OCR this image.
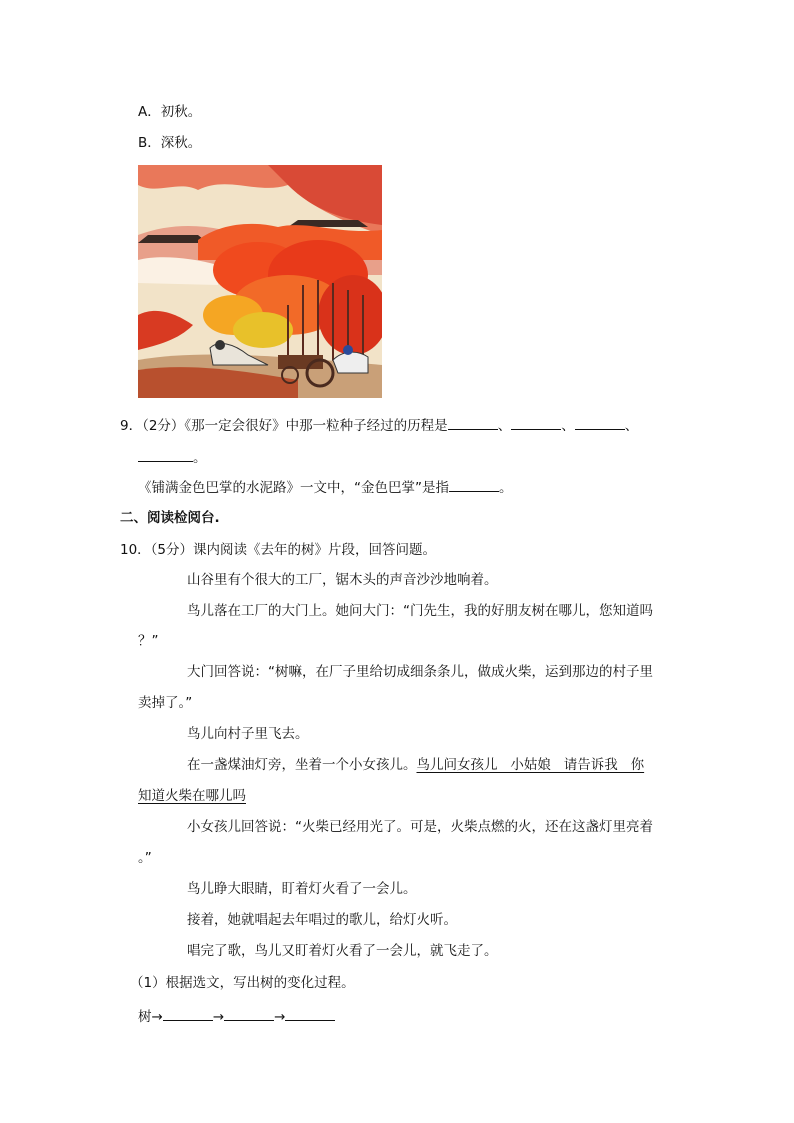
A．初秋。
B．深秋。
9．（2分）《那一定会很好》中那一粒种子经过的历程是	、	、	、
。
《铺满金色巴掌的水泥路》一文中，“金色巴掌”是指	。
二、阅读检阅台.
10．（5分）课内阅读《去年的树》片段，回答问题。
山谷里有个很大的工厂，锯木头的声音沙沙地响着。
鸟儿落在工厂的大门上。她问大门：“门先生，我的好朋友树在哪儿，您知道吗
？”
大门回答说：“树嘛，在厂子里给切成细条条儿，做成火柴，运到那边的村子里
卖掉了。”
鸟儿向村子里飞去。
在一盏煤油灯旁，坐着一个小女孩儿。鸟儿问女孩儿   小姑娘   请告诉我   你
知道火柴在哪儿吗
小女孩儿回答说：“火柴已经用光了。可是，火柴点燃的火，还在这盏灯里亮着
。”
鸟儿睁大眼睛，盯着灯火看了一会儿。
接着，她就唱起去年唱过的歌儿，给灯火听。
唱完了歌，鸟儿又盯着灯火看了一会儿，就飞走了。
（1）根据选文，写出树的变化过程。
树→	→	→
